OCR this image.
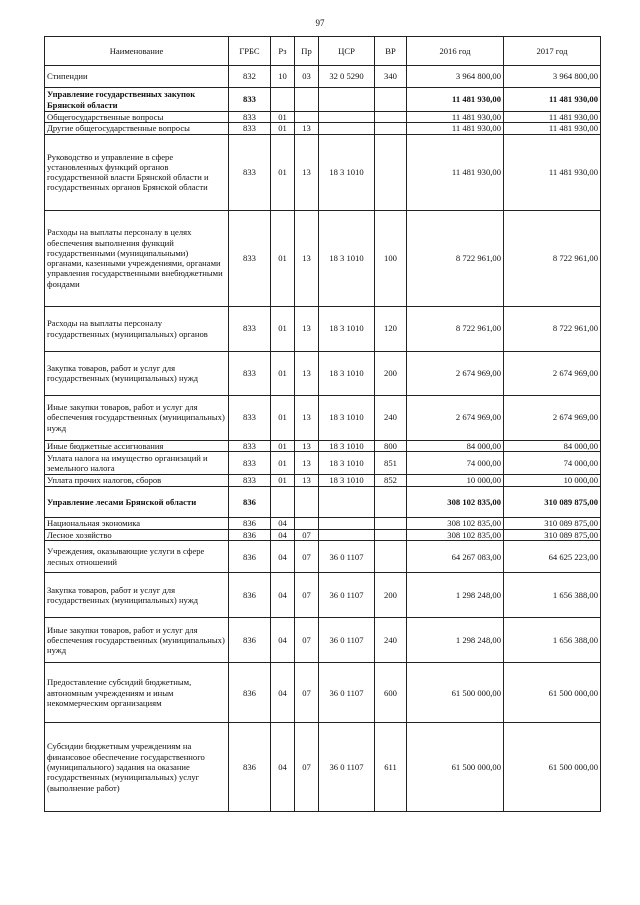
97
Наименование	ГРБС	Рз	Пр	ЦСР	ВР	2016 год	2017 год
Стипендии	832	10	03	32 0 5290	340	3 964 800,00	3 964 800,00
Управление государственных закупок Брянской области	833					11 481 930,00	11 481 930,00
Общегосударственные вопросы	833	01				11 481 930,00	11 481 930,00
Другие общегосударственные вопросы	833	01	13			11 481 930,00	11 481 930,00
Руководство и управление в сфере установленных функций органов государственной власти Брянской области и государственных органов Брянской области	833	01	13	18 3 1010		11 481 930,00	11 481 930,00
Расходы на выплаты персоналу в целях обеспечения выполнения функций государственными (муниципальными) органами, казенными учреждениями, органами управления государственными внебюджетными фондами	833	01	13	18 3 1010	100	8 722 961,00	8 722 961,00
Расходы на выплаты персоналу государственных (муниципальных) органов	833	01	13	18 3 1010	120	8 722 961,00	8 722 961,00
Закупка товаров, работ и услуг для государственных (муниципальных) нужд	833	01	13	18 3 1010	200	2 674 969,00	2 674 969,00
Иные закупки товаров, работ и услуг для обеспечения государственных (муниципальных) нужд	833	01	13	18 3 1010	240	2 674 969,00	2 674 969,00
Иные бюджетные ассигнования	833	01	13	18 3 1010	800	84 000,00	84 000,00
Уплата налога на имущество организаций и земельного налога	833	01	13	18 3 1010	851	74 000,00	74 000,00
Уплата прочих налогов, сборов	833	01	13	18 3 1010	852	10 000,00	10 000,00
Управление лесами Брянской области	836					308 102 835,00	310 089 875,00
Национальная экономика	836	04				308 102 835,00	310 089 875,00
Лесное хозяйство	836	04	07			308 102 835,00	310 089 875,00
Учреждения, оказывающие услуги в сфере лесных отношений	836	04	07	36 0 1107		64 267 083,00	64 625 223,00
Закупка товаров, работ и услуг для государственных (муниципальных) нужд	836	04	07	36 0 1107	200	1 298 248,00	1 656 388,00
Иные закупки товаров, работ и услуг для обеспечения государственных (муниципальных) нужд	836	04	07	36 0 1107	240	1 298 248,00	1 656 388,00
Предоставление субсидий бюджетным, автономным учреждениям и иным некоммерческим организациям	836	04	07	36 0 1107	600	61 500 000,00	61 500 000,00
Субсидии бюджетным учреждениям на финансовое обеспечение государственного (муниципального) задания на оказание государственных (муниципальных) услуг (выполнение работ)	836	04	07	36 0 1107	611	61 500 000,00	61 500 000,00
